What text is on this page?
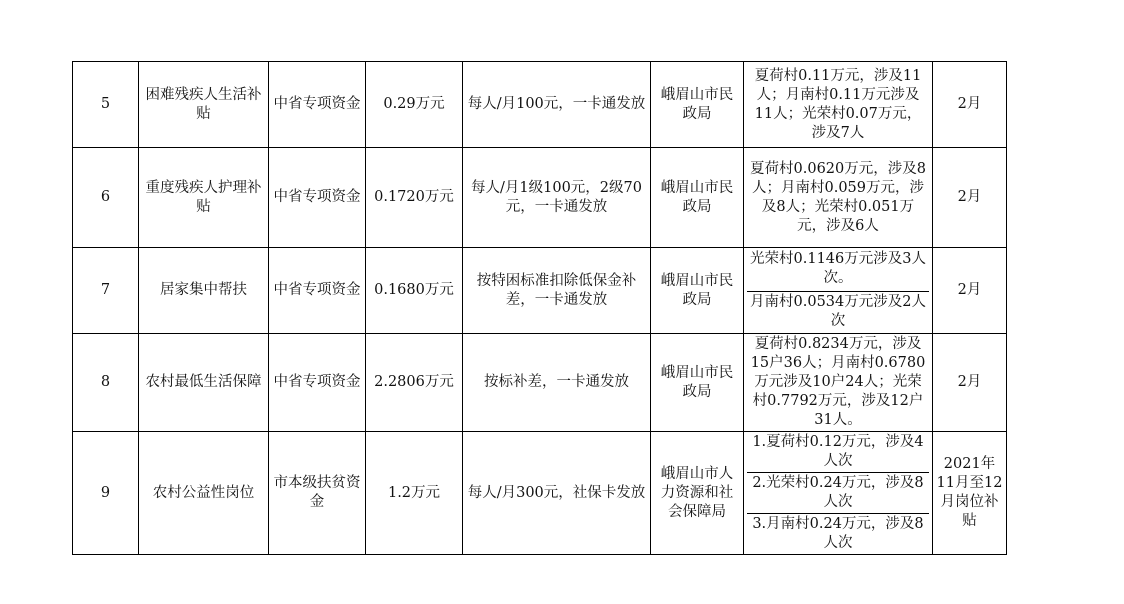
5	困难残疾人生活补贴	中省专项资金	0.29万元	每人/月100元，一卡通发放	峨眉山市民政局	夏荷村0.11万元，涉及11人；月南村0.11万元涉及11人；光荣村0.07万元，涉及7人	2月
6	重度残疾人护理补贴	中省专项资金	0.1720万元	每人/月1级100元，2级70元，一卡通发放	峨眉山市民政局	夏荷村0.0620万元，涉及8人；月南村0.059万元，涉及8人；光荣村0.051万元，涉及6人	2月
7	居家集中帮扶	中省专项资金	0.1680万元	按特困标准扣除低保金补差，一卡通发放	峨眉山市民政局	光荣村0.1146万元涉及3人次。
月南村0.0534万元涉及2人次	2月
8	农村最低生活保障	中省专项资金	2.2806万元	按标补差，一卡通发放	峨眉山市民政局	夏荷村0.8234万元，涉及15户36人；月南村0.6780万元涉及10户24人；光荣村0.7792万元，涉及12户31人。	2月
9	农村公益性岗位	市本级扶贫资金	1.2万元	每人/月300元，社保卡发放	峨眉山市人力资源和社会保障局	1.夏荷村0.12万元，涉及4人次
2.光荣村0.24万元，涉及8人次
3.月南村0.24万元，涉及8人次	2021年11月至12月岗位补贴
